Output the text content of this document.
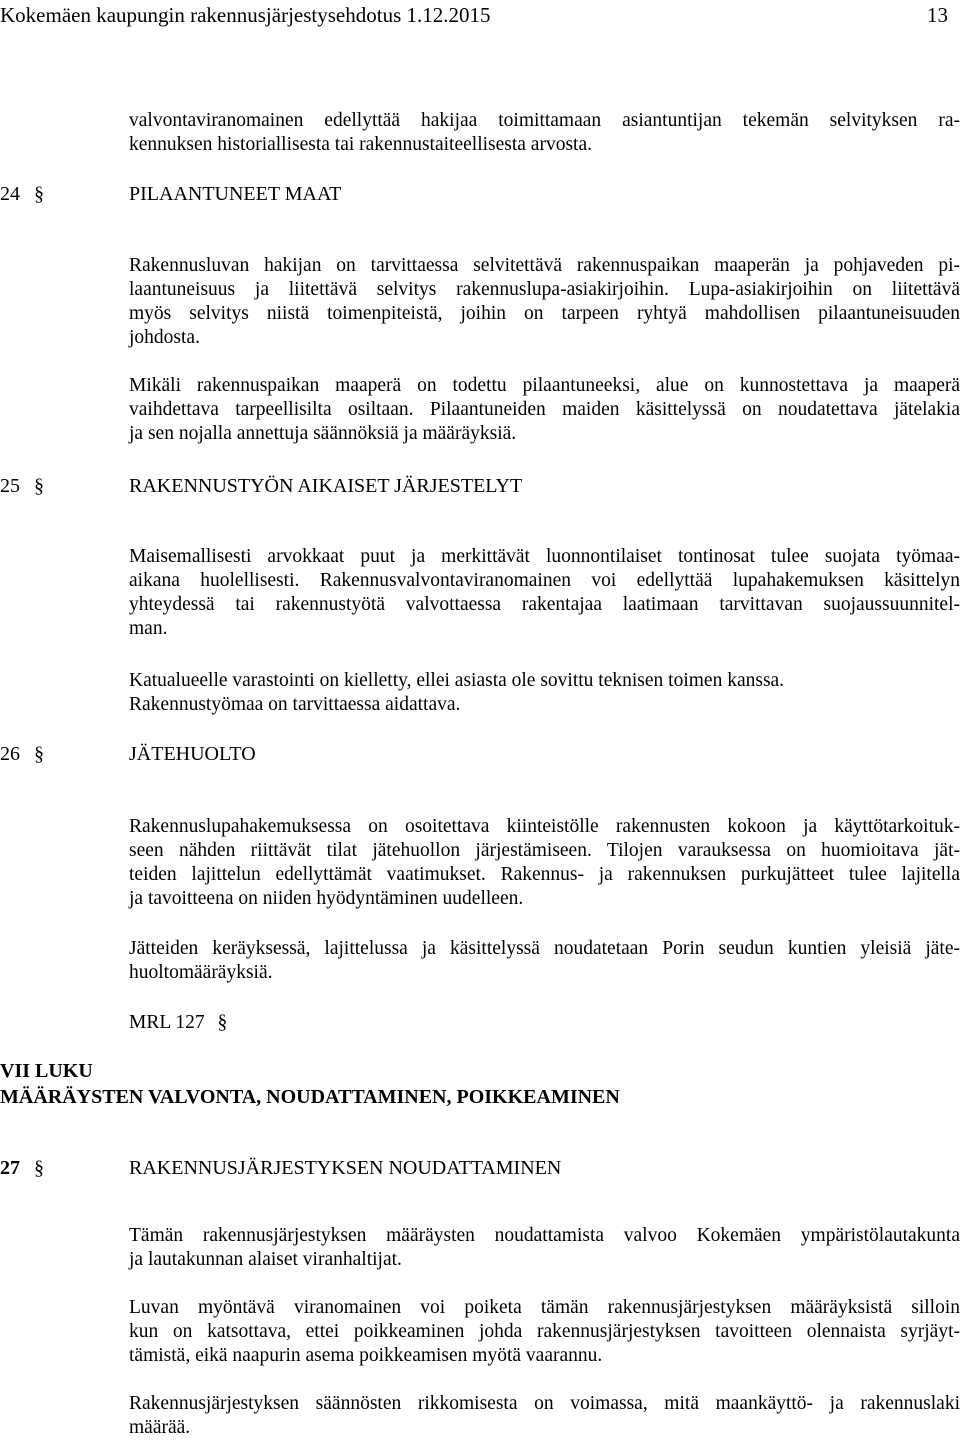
Kokemäen kaupungin rakennusjärjestysehdotus 1.12.2015	13
valvontaviranomainen edellyttää hakijaa toimittamaan asiantuntijan tekemän selvityksen ra-
kennuksen historiallisesta tai rakennustaiteellisesta arvosta.
24 §	PILAANTUNEET MAAT
Rakennusluvan hakijan on tarvittaessa selvitettävä rakennuspaikan maaperän ja pohjaveden pi-
laantuneisuus ja liitettävä selvitys rakennuslupa-asiakirjoihin. Lupa-asiakirjoihin on liitettävä
myös selvitys niistä toimenpiteistä, joihin on tarpeen ryhtyä mahdollisen pilaantuneisuuden
johdosta.
Mikäli rakennuspaikan maaperä on todettu pilaantuneeksi, alue on kunnostettava ja maaperä
vaihdettava tarpeellisilta osiltaan. Pilaantuneiden maiden käsittelyssä on noudatettava jätelakia
ja sen nojalla annettuja säännöksiä ja määräyksiä.
25 §	RAKENNUSTYÖN AIKAISET JÄRJESTELYT
Maisemallisesti arvokkaat puut ja merkittävät luonnontilaiset tontinosat tulee suojata työmaa-
aikana huolellisesti. Rakennusvalvontaviranomainen voi edellyttää lupahakemuksen käsittelyn
yhteydessä tai rakennustyötä valvottaessa rakentajaa laatimaan tarvittavan suojaussuunnitel-
man.
Katualueelle varastointi on kielletty, ellei asiasta ole sovittu teknisen toimen kanssa.
Rakennustyömaa on tarvittaessa aidattava.
26 §	JÄTEHUOLTO
Rakennuslupahakemuksessa on osoitettava kiinteistölle rakennusten kokoon ja käyttötarkoituk-
seen nähden riittävät tilat jätehuollon järjestämiseen. Tilojen varauksessa on huomioitava jät-
teiden lajittelun edellyttämät vaatimukset. Rakennus- ja rakennuksen purkujätteet tulee lajitella
ja tavoitteena on niiden hyödyntäminen uudelleen.
Jätteiden keräyksessä, lajittelussa ja käsittelyssä noudatetaan Porin seudun kuntien yleisiä jäte-
huoltomääräyksiä.
MRL 127 §
VII LUKU
MÄÄRÄYSTEN VALVONTA, NOUDATTAMINEN, POIKKEAMINEN
27 §	RAKENNUSJÄRJESTYKSEN NOUDATTAMINEN
Tämän rakennusjärjestyksen määräysten noudattamista valvoo Kokemäen ympäristölautakunta
ja lautakunnan alaiset viranhaltijat.
Luvan myöntävä viranomainen voi poiketa tämän rakennusjärjestyksen määräyksistä silloin
kun on katsottava, ettei poikkeaminen johda rakennusjärjestyksen tavoitteen olennaista syrjäyt-
tämistä, eikä naapurin asema poikkeamisen myötä vaarannu.
Rakennusjärjestyksen säännösten rikkomisesta on voimassa, mitä maankäyttö- ja rakennuslaki
määrää.
